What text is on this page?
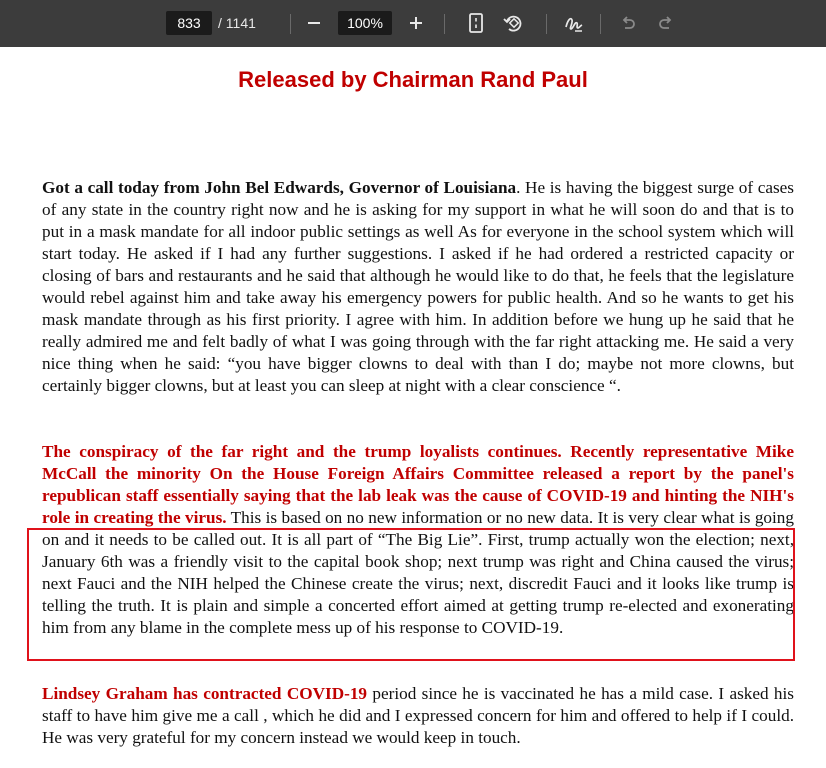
833	/ 1141	100%
Released by Chairman Rand Paul

Got a call today from John Bel Edwards, Governor of Louisiana. He is having the biggest surge of cases of any state in the country right now and he is asking for my support in what he will soon do and that is to put in a mask mandate for all indoor public settings as well As for everyone in the school system which will start today. He asked if I had any further suggestions. I asked if he had ordered a restricted capacity or closing of bars and restaurants and he said that although he would like to do that, he feels that the legislature would rebel against him and take away his emergency powers for public health. And so he wants to get his mask mandate through as his first priority. I agree with him. In addition before we hung up he said that he really admired me and felt badly of what I was going through with the far right attacking me. He said a very nice thing when he said: “you have bigger clowns to deal with than I do; maybe not more clowns, but certainly bigger clowns, but at least you can sleep at night with a clear conscience “.

The conspiracy of the far right and the trump loyalists continues. Recently representative Mike McCall the minority On the House Foreign Affairs Committee released a report by the panel's republican staff essentially saying that the lab leak was the cause of COVID-19 and hinting the NIH's role in creating the virus. This is based on no new information or no new data. It is very clear what is going on and it needs to be called out. It is all part of “The Big Lie”. First, trump actually won the election; next, January 6th was a friendly visit to the capital book shop; next trump was right and China caused the virus; next Fauci and the NIH helped the Chinese create the virus; next, discredit Fauci and it looks like trump is telling the truth. It is plain and simple a concerted effort aimed at getting trump re-elected and exonerating him from any blame in the complete mess up of his response to COVID-19.

Lindsey Graham has contracted COVID-19 period since he is vaccinated he has a mild case. I asked his staff to have him give me a call , which he did and I expressed concern for him and offered to help if I could. He was very grateful for my concern instead we would keep in touch.
